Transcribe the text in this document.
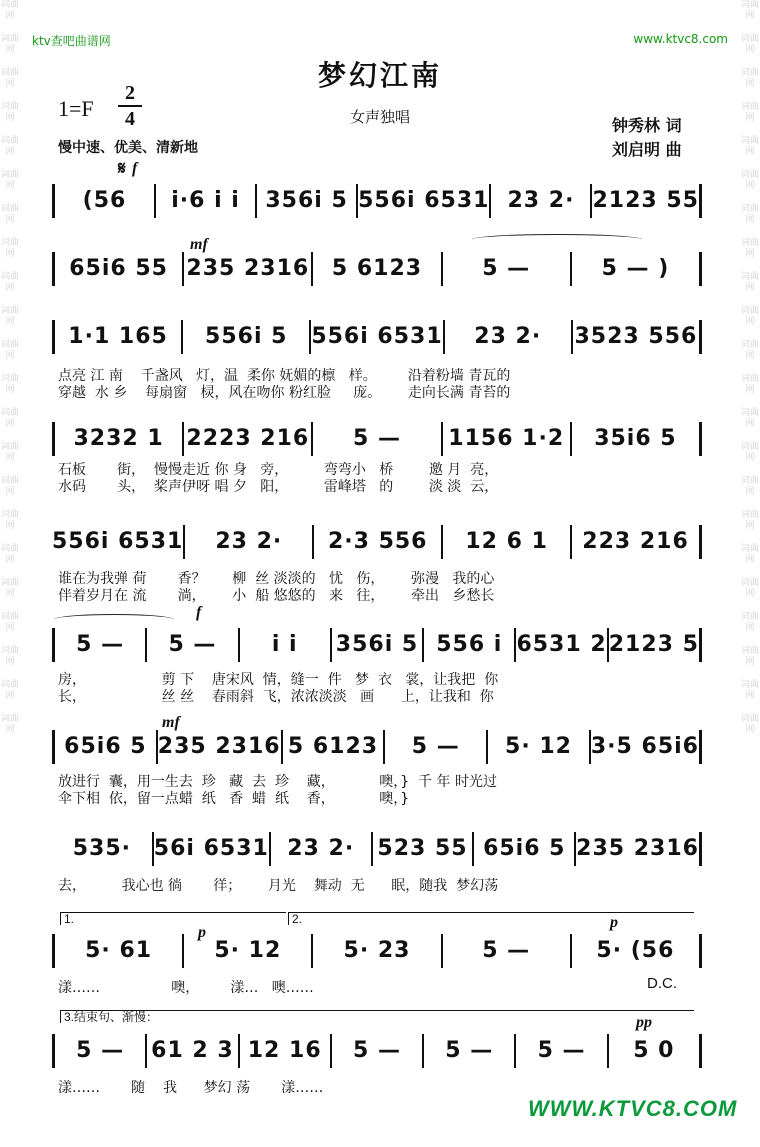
词曲网
词曲网
词曲网
词曲网
词曲网
词曲网
词曲网
词曲网
词曲网
词曲网
词曲网
词曲网
词曲网
词曲网
词曲网
词曲网
词曲网
词曲网
词曲网
词曲网
词曲网
词曲网
词曲网
词曲网
词曲网
词曲网
词曲网
词曲网
词曲网
词曲网
词曲网
词曲网
词曲网
词曲网
词曲网
词曲网
词曲网
词曲网
词曲网
词曲网
词曲网
词曲网
词曲网
词曲网
ktv查吧曲谱网	www.ktvc8.com
梦幻江南
1=F
2
4	女声独唱
慢中速、优美、清新地
钟秀林 词
刘启明 曲
𝄋 f
mf
f
mf
p
p
pp
(56	i·6 i i	356i 5 556i 6531 23 2· 2123 55
65i6 55 235 2316	5 6123	5 —	5 — )
1·1 165	556i 5	556i 6531	23 2·	3523 556
点亮 江 南    千盏风   灯，温  柔你 妩媚的檩   样。       沿着粉墙 青瓦的
穿越  水 乡    每扇窗   棂，风在吻你 粉红脸     庞。      走向长满 青苔的
3232 1	2223 216	5 —	1156 1·2	35i6 5
石板       街，  慢慢走近 你 身   旁，        弯弯小   桥        邀 月  亮，
水码       头，  桨声伊呀 唱 夕   阳，        雷峰塔   的        淡 淡  云，
556i 6531	23 2·	2·3 556	12 6 1	223 216
谁在为我弹 荷       香？      柳  丝 淡淡的   忧   伤，      弥漫   我的心
伴着岁月在 流       淌，      小  船 悠悠的   来   往，      牵出   乡愁长
5 —	5 —	i i	356i 5 556 i 6531 2 2123 5
房，                 剪 下    唐宋风  情，缝一  件   梦  衣   裳，让我把  你
长，                 丝 丝    春雨斜  飞，浓浓淡淡   画      上，让我和  你
65i6 5 235 2316 5 6123	5 —	5· 12 3·5 65i6
放进行  囊，用一生去  珍   藏  去  珍    藏，          噢，}  千 年 时光过
伞下相  依，留一点蜡  纸   香  蜡  纸    香，          噢，}
535·	56i 6531 23 2·	523 55 65i6 5 235 2316
去，        我心也 徜       徉；      月光    舞动  无      眠，随我  梦幻荡
1.	2.
5· 61	5· 12	5· 23	5 —	5· (56
漾……                噢，       漾…   噢……	D.C.
3.结束句、渐慢：
5 —	61 2 3 12 16	5 —	5 —	5 —	5 0
漾……       随    我      梦幻 荡       漾……
WWW.KTVC8.COM
